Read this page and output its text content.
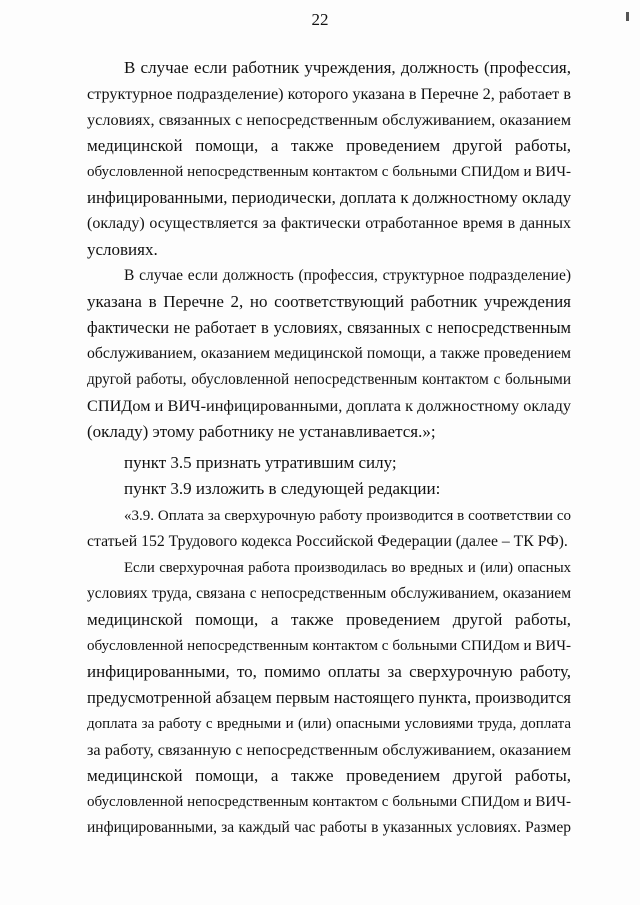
22
В случае если работник учреждения, должность (профессия,
структурное подразделение) которого указана в Перечне 2, работает в
условиях, связанных с непосредственным обслуживанием, оказанием
медицинской помощи, а также проведением другой работы,
обусловленной непосредственным контактом с больными СПИДом и ВИЧ-
инфицированными, периодически, доплата к должностному окладу
(окладу) осуществляется за фактически отработанное время в данных
условиях.
В случае если должность (профессия, структурное подразделение)
указана в Перечне 2, но соответствующий работник учреждения
фактически не работает в условиях, связанных с непосредственным
обслуживанием, оказанием медицинской помощи, а также проведением
другой работы, обусловленной непосредственным контактом с больными
СПИДом и ВИЧ-инфицированными, доплата к должностному окладу
(окладу) этому работнику не устанавливается.»;
пункт 3.5 признать утратившим силу;
пункт 3.9 изложить в следующей редакции:
«3.9. Оплата за сверхурочную работу производится в соответствии со
статьей 152 Трудового кодекса Российской Федерации (далее – ТК РФ).
Если сверхурочная работа производилась во вредных и (или) опасных
условиях труда, связана с непосредственным обслуживанием, оказанием
медицинской помощи, а также проведением другой работы,
обусловленной непосредственным контактом с больными СПИДом и ВИЧ-
инфицированными, то, помимо оплаты за сверхурочную работу,
предусмотренной абзацем первым настоящего пункта, производится
доплата за работу с вредными и (или) опасными условиями труда, доплата
за работу, связанную с непосредственным обслуживанием, оказанием
медицинской помощи, а также проведением другой работы,
обусловленной непосредственным контактом с больными СПИДом и ВИЧ-
инфицированными, за каждый час работы в указанных условиях. Размер
